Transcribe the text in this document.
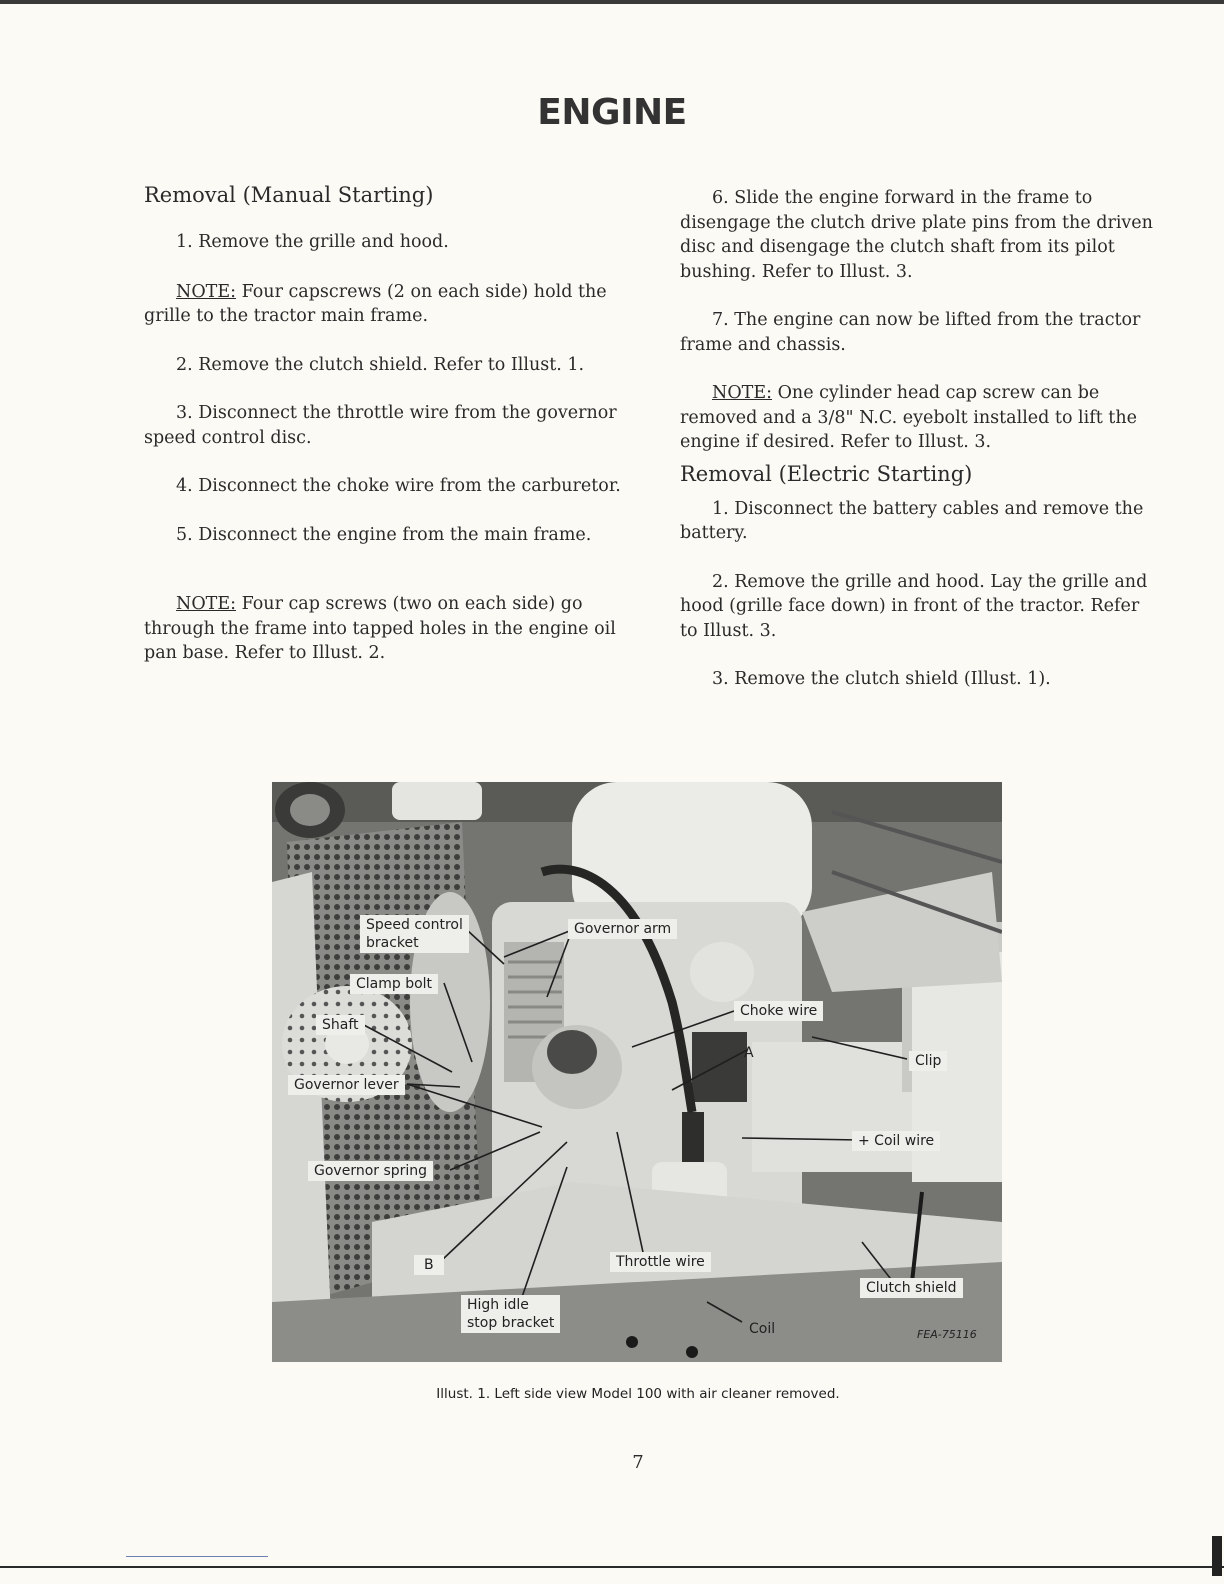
ENGINE
Removal (Manual Starting)

1. Remove the grille and hood.

NOTE: Four capscrews (2 on each side) hold the grille to the tractor main frame.

2. Remove the clutch shield. Refer to Illust. 1.

3. Disconnect the throttle wire from the governor speed control disc.

4. Disconnect the choke wire from the carburetor.

5. Disconnect the engine from the main frame.

NOTE: Four cap screws (two on each side) go through the frame into tapped holes in the engine oil pan base. Refer to Illust. 2.

6. Slide the engine forward in the frame to disengage the clutch drive plate pins from the driven disc and disengage the clutch shaft from its pilot bushing. Refer to Illust. 3.

7. The engine can now be lifted from the tractor frame and chassis.

NOTE: One cylinder head cap screw can be removed and a 3/8" N.C. eyebolt installed to lift the engine if desired. Refer to Illust. 3.

Removal (Electric Starting)

1. Disconnect the battery cables and remove the battery.

2. Remove the grille and hood. Lay the grille and hood (grille face down) in front of the tractor. Refer to Illust. 3.

3. Remove the clutch shield (Illust. 1).

Speed control
bracket
Governor arm
Clamp bolt
Shaft
Choke wire
A	Clip
Governor lever
+ Coil wire
Governor spring
B	Throttle wire
Clutch shield
High idle
stop bracket	Coil	FEA-75116
Illust. 1. Left side view Model 100 with air cleaner removed.
7
